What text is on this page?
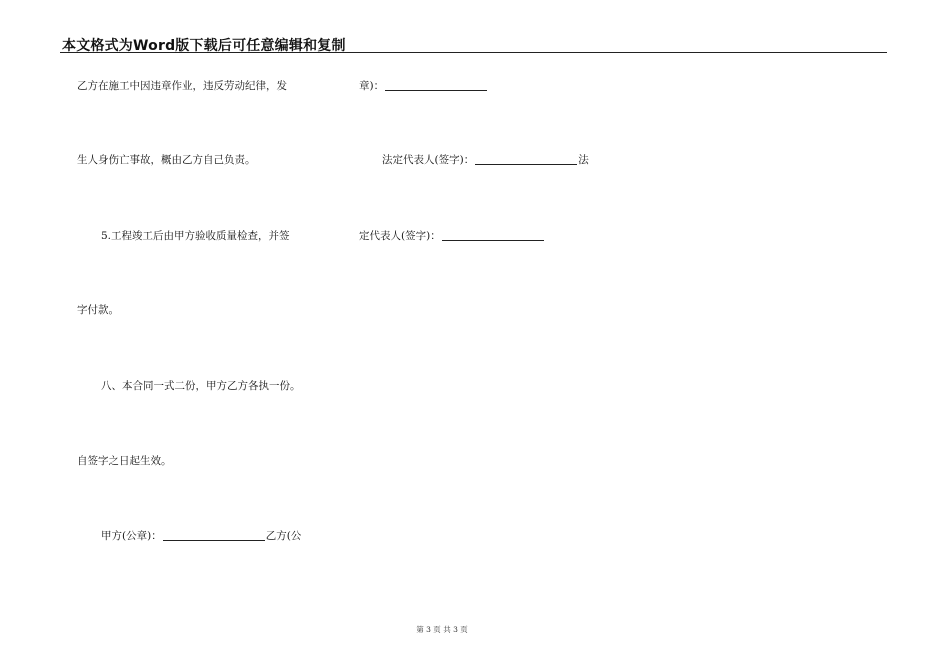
本文格式为Word版下载后可任意编辑和复制
乙方在施工中因违章作业，违反劳动纪律，发
生人身伤亡事故，概由乙方自己负责。
5.工程竣工后由甲方验收质量检查，并签
字付款。
八、本合同一式二份，甲方乙方各执一份。
自签字之日起生效。
甲方(公章)：	乙方(公
章)：
法定代表人(签字)：	法
定代表人(签字)：
第 3 页 共 3 页
